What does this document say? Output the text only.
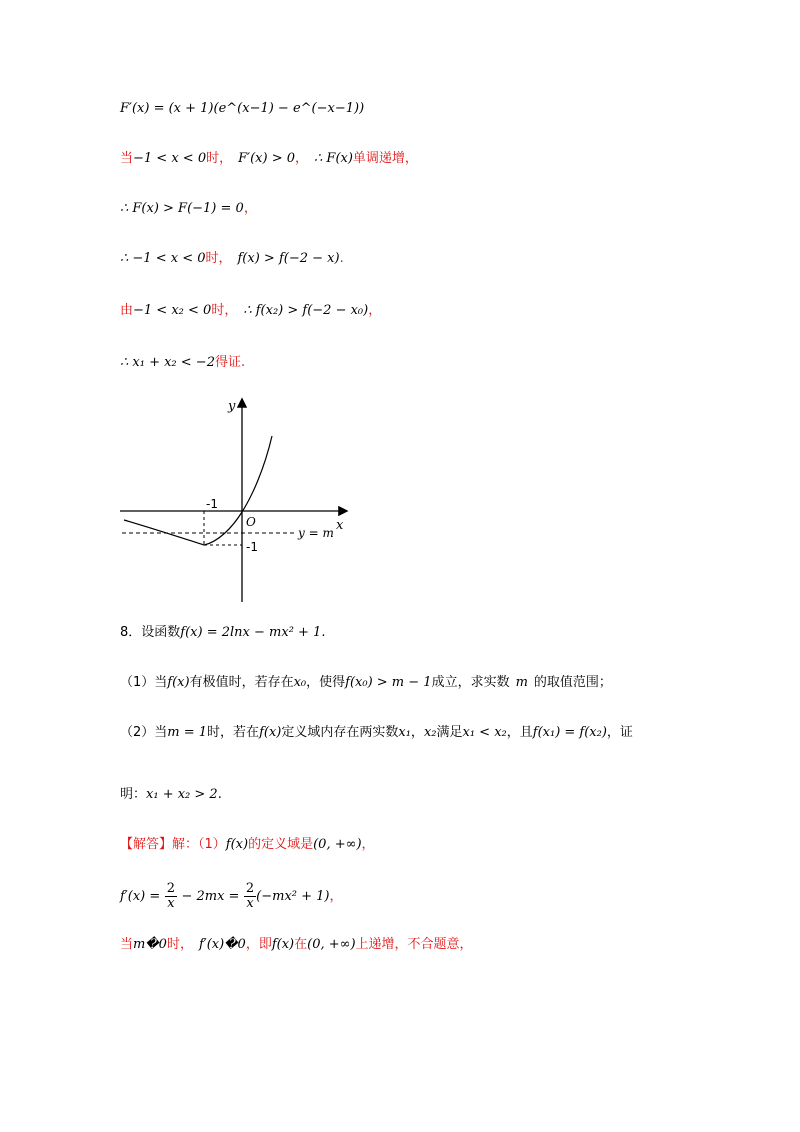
F′(x) = (x + 1)(e^(x−1) − e^(−x−1))
当−1 < x < 0时， F′(x) > 0， ∴ F(x)单调递增，
∴ F(x) > F(−1) = 0，
∴ −1 < x < 0时， f(x) > f(−2 − x).
由−1 < x₂ < 0时， ∴ f(x₂) > f(−2 − x₀)，
∴ x₁ + x₂ < −2得证.
y
x
O
-1
-1
y = m
8．设函数f(x) = 2lnx − mx² + 1.
（1）当f(x)有极值时，若存在x₀，使得f(x₀) > m − 1成立，求实数 m 的取值范围；
（2）当m = 1时，若在f(x)定义域内存在两实数x₁，x₂满足x₁ < x₂，且f(x₁) = f(x₂)，证
明：x₁ + x₂ > 2.
【解答】解：（1）f(x)的定义域是(0, +∞)，
$f'(x) = \frac{2}{x} - 2mx = \frac{2}{x} (-mx^2 + 1)$，
当m�0时， f′(x)�0，即f(x)在(0, +∞)上递增，不合题意，
